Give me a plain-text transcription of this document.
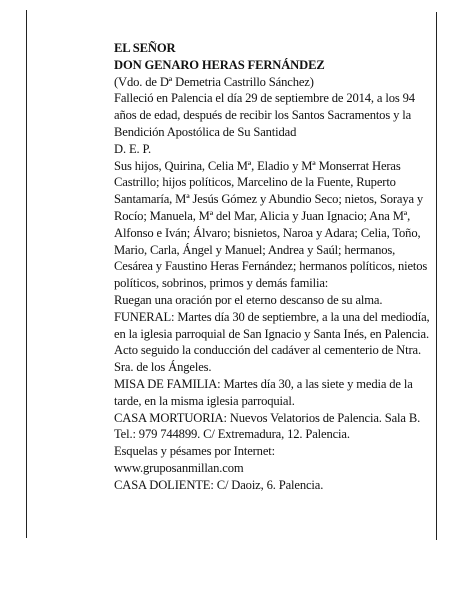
EL SEÑOR

DON GENARO HERAS FERNÁNDEZ

(Vdo. de Dª Demetria Castrillo Sánchez)

Falleció en Palencia el día 29 de septiembre de 2014, a los 94 años de edad, después de recibir los Santos Sacramentos y la Bendición Apostólica de Su Santidad

D. E. P.

Sus hijos, Quirina, Celia Mª, Eladio y Mª Monserrat Heras Castrillo; hijos políticos, Marcelino de la Fuente, Ruperto Santamaría, Mª Jesús Gómez y Abundio Seco; nietos, Soraya y Rocío; Manuela, Mª del Mar, Alicia y Juan Ignacio; Ana Mª, Alfonso e Iván; Álvaro; bisnietos, Naroa y Adara; Celia, Toño, Mario, Carla, Ángel y Manuel; Andrea y Saúl; hermanos, Cesárea y Faustino Heras Fernández; hermanos políticos, nietos políticos, sobrinos, primos y demás familia:

Ruegan una oración por el eterno descanso de su alma.

FUNERAL: Martes día 30 de septiembre, a la una del mediodía, en la iglesia parroquial de San Ignacio y Santa Inés, en Palencia. Acto seguido la conducción del cadáver al cementerio de Ntra. Sra. de los Ángeles.

MISA DE FAMILIA: Martes día 30, a las siete y media de la tarde, en la misma iglesia parroquial.

CASA MORTUORIA: Nuevos Velatorios de Palencia. Sala B. Tel.: 979 744899. C/ Extremadura, 12. Palencia.

Esquelas y pésames por Internet:

www.gruposanmillan.com

CASA DOLIENTE: C/ Daoiz, 6. Palencia.
